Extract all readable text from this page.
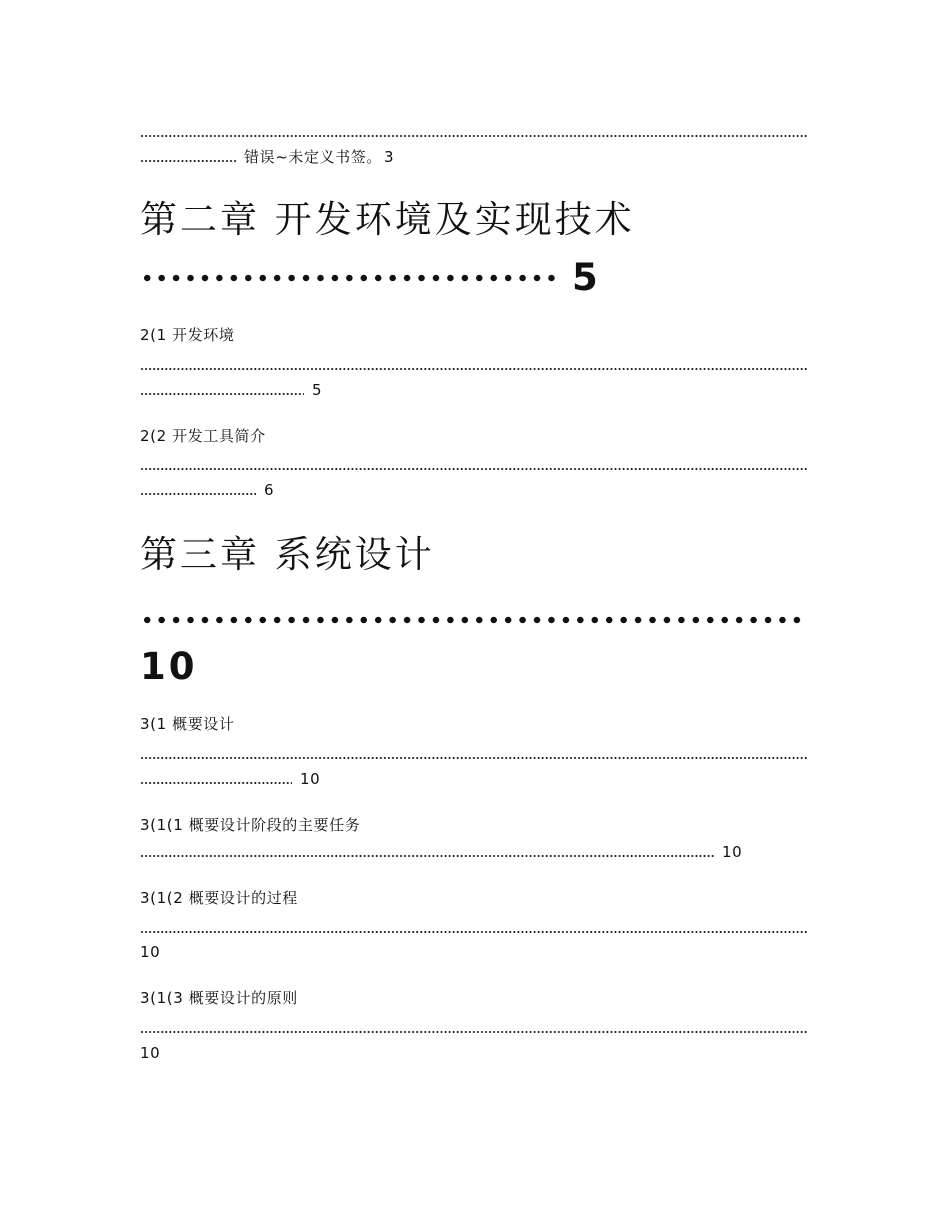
错误~未定义书签。 3
第二章 开发环境及实现技术
5
2(1 开发环境
5
2(2 开发工具简介
6
第三章 系统设计
10
3(1 概要设计
10
3(1(1 概要设计阶段的主要任务
10
3(1(2 概要设计的过程
10
3(1(3 概要设计的原则
10
